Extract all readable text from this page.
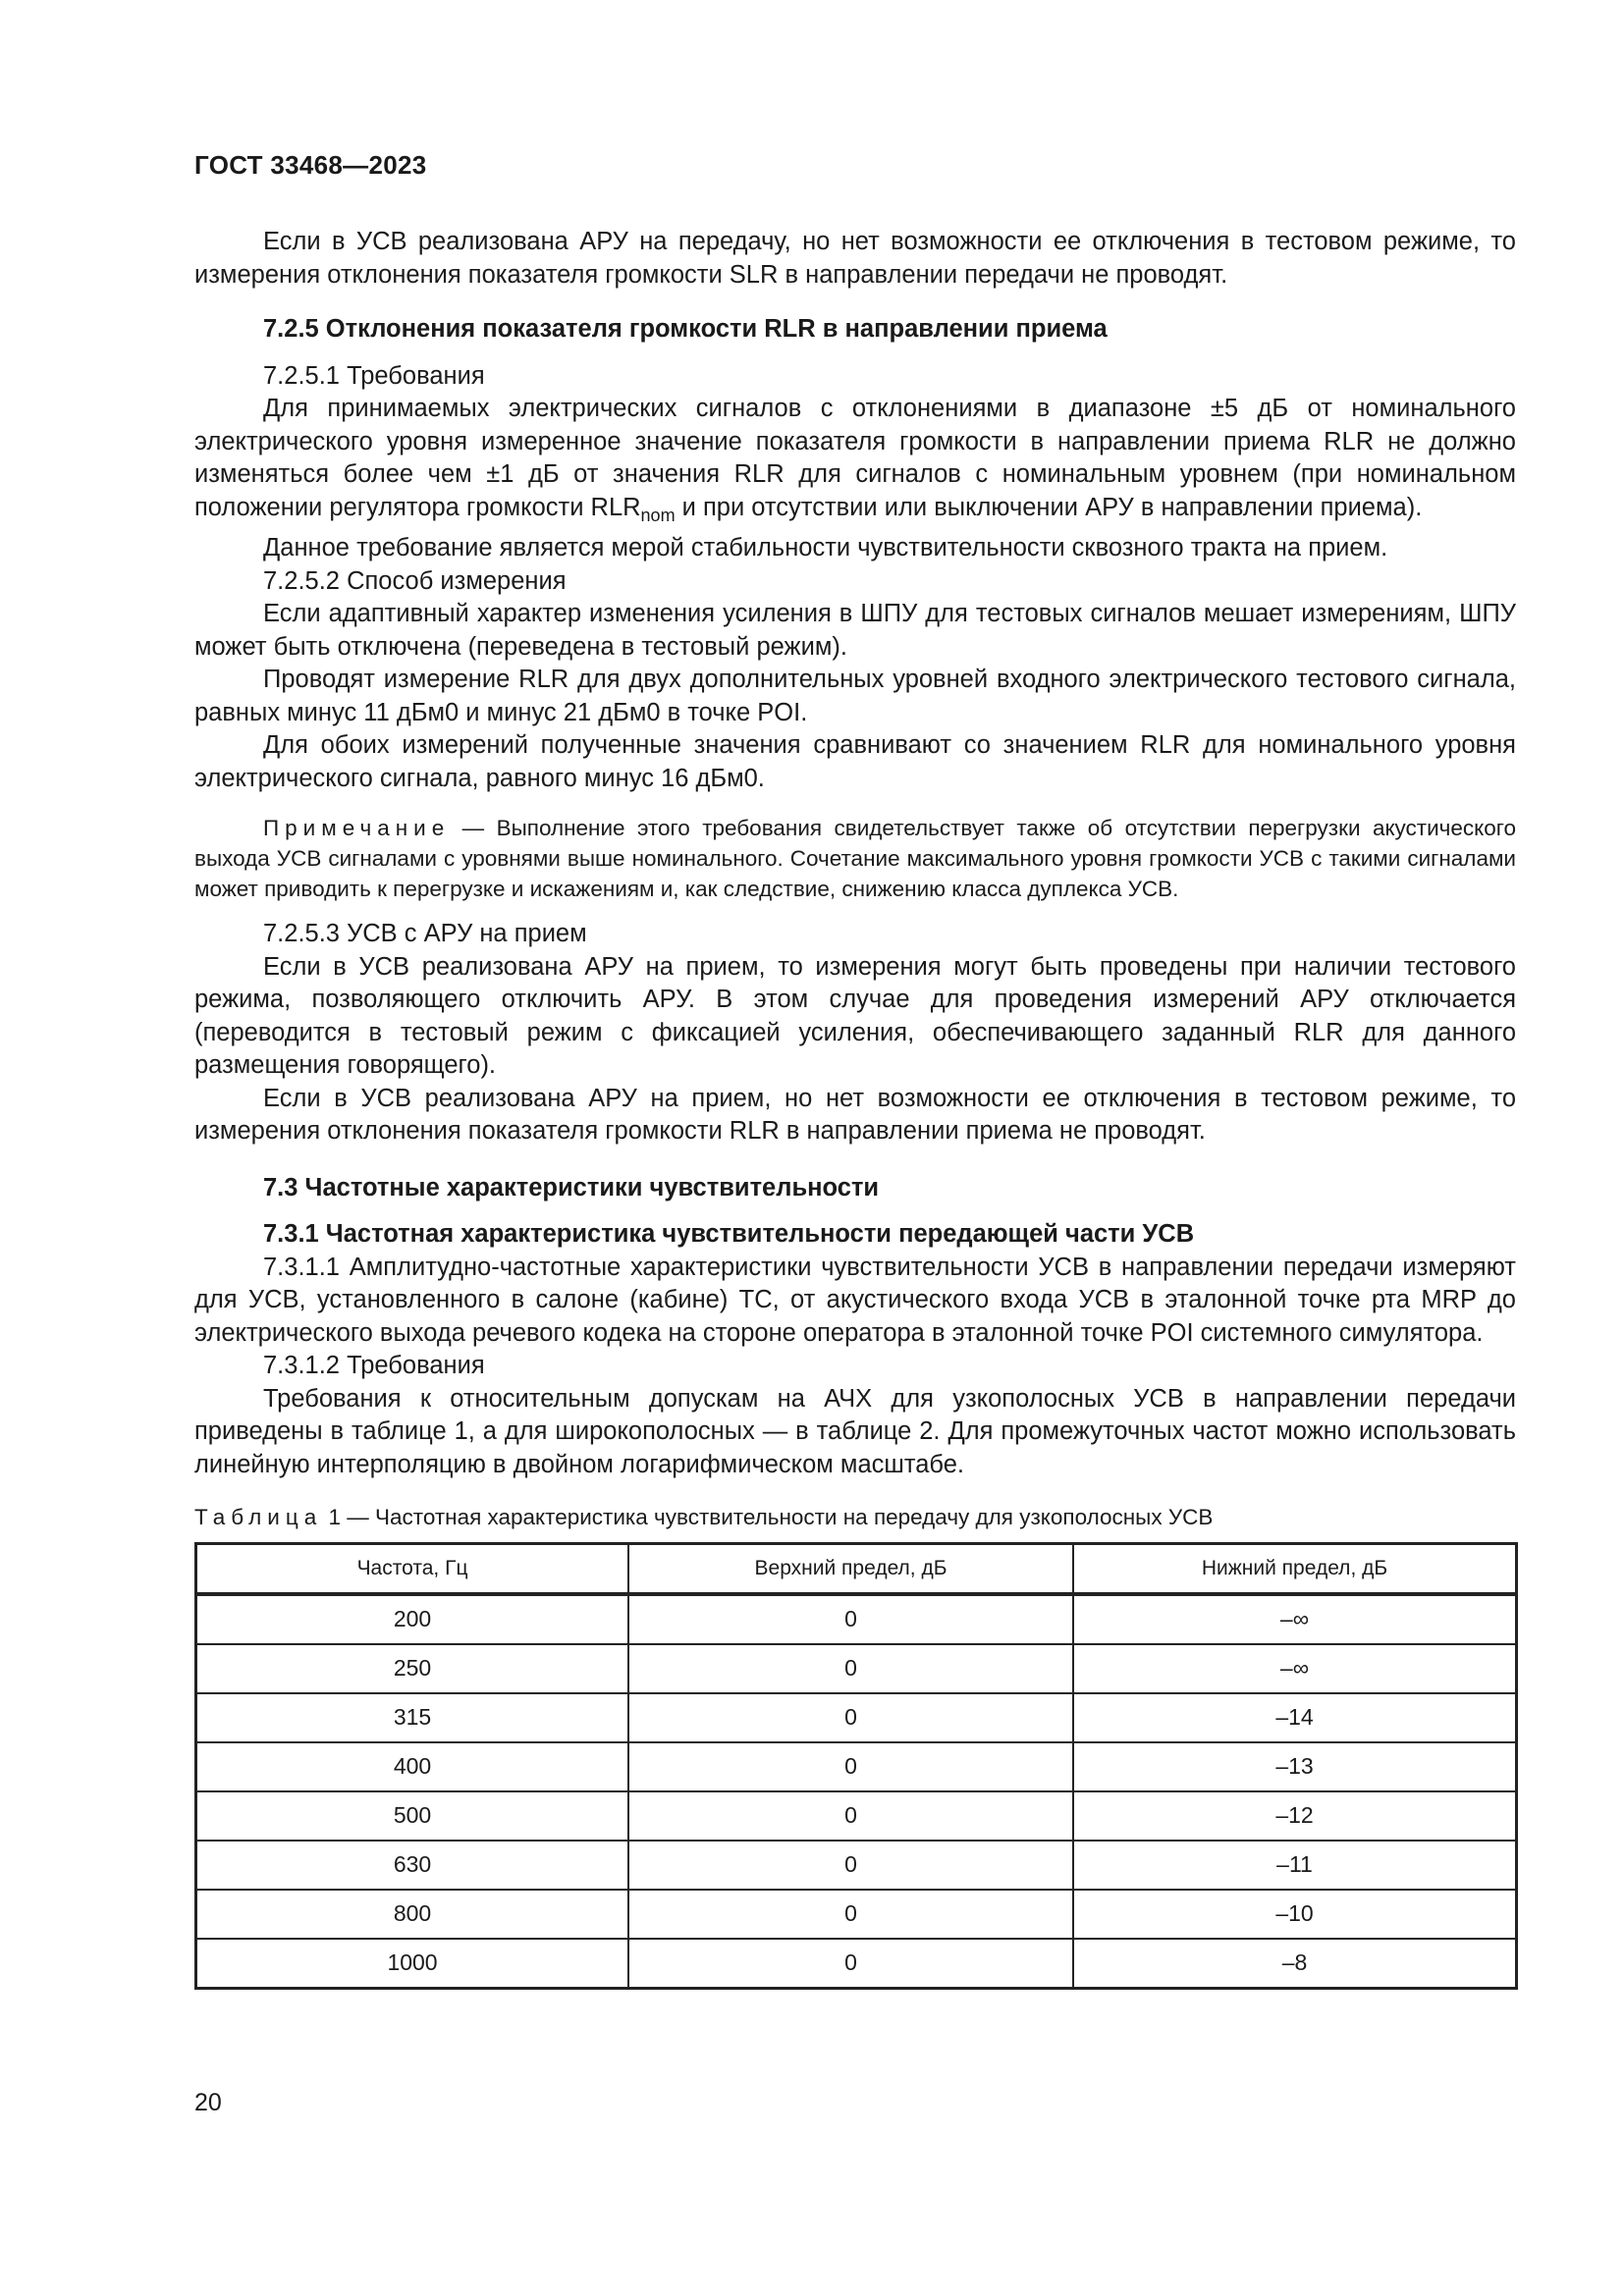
ГОСТ 33468—2023

Если в УСВ реализована АРУ на передачу, но нет возможности ее отключения в тестовом режиме, то измерения отклонения показателя громкости SLR в направлении передачи не проводят.

7.2.5 Отклонения показателя громкости RLR в направлении приема

7.2.5.1 Требования

Для принимаемых электрических сигналов с отклонениями в диапазоне ±5 дБ от номинального электрического уровня измеренное значение показателя громкости в направлении приема RLR не должно изменяться более чем ±1 дБ от значения RLR для сигналов с номинальным уровнем (при номинальном положении регулятора громкости $RLR_{nom}$ и при отсутствии или выключении АРУ в направлении приема).

Данное требование является мерой стабильности чувствительности сквозного тракта на прием.

7.2.5.2 Способ измерения

Если адаптивный характер изменения усиления в ШПУ для тестовых сигналов мешает измерениям, ШПУ может быть отключена (переведена в тестовый режим).

Проводят измерение RLR для двух дополнительных уровней входного электрического тестового сигнала, равных минус 11 дБм0 и минус 21 дБм0 в точке POI.

Для обоих измерений полученные значения сравнивают со значением RLR для номинального уровня электрического сигнала, равного минус 16 дБм0.

Примечание — Выполнение этого требования свидетельствует также об отсутствии перегрузки акустического выхода УСВ сигналами с уровнями выше номинального. Сочетание максимального уровня громкости УСВ с такими сигналами может приводить к перегрузке и искажениям и, как следствие, снижению класса дуплекса УСВ.

7.2.5.3 УСВ с АРУ на прием

Если в УСВ реализована АРУ на прием, то измерения могут быть проведены при наличии тестового режима, позволяющего отключить АРУ. В этом случае для проведения измерений АРУ отключается (переводится в тестовый режим с фиксацией усиления, обеспечивающего заданный RLR для данного размещения говорящего).

Если в УСВ реализована АРУ на прием, но нет возможности ее отключения в тестовом режиме, то измерения отклонения показателя громкости RLR в направлении приема не проводят.

7.3 Частотные характеристики чувствительности

7.3.1 Частотная характеристика чувствительности передающей части УСВ

7.3.1.1 Амплитудно-частотные характеристики чувствительности УСВ в направлении передачи измеряют для УСВ, установленного в салоне (кабине) ТС, от акустического входа УСВ в эталонной точке рта MRP до электрического выхода речевого кодека на стороне оператора в эталонной точке POI системного симулятора.

7.3.1.2 Требования

Требования к относительным допускам на АЧХ для узкополосных УСВ в направлении передачи приведены в таблице 1, а для широкополосных — в таблице 2. Для промежуточных частот можно использовать линейную интерполяцию в двойном логарифмическом масштабе.

Таблица 1 — Частотная характеристика чувствительности на передачу для узкополосных УСВ

Частота, Гц	Верхний предел, дБ	Нижний предел, дБ
200	0	–∞
250	0	–∞
315	0	–14
400	0	–13
500	0	–12
630	0	–11
800	0	–10
1000	0	–8
20
